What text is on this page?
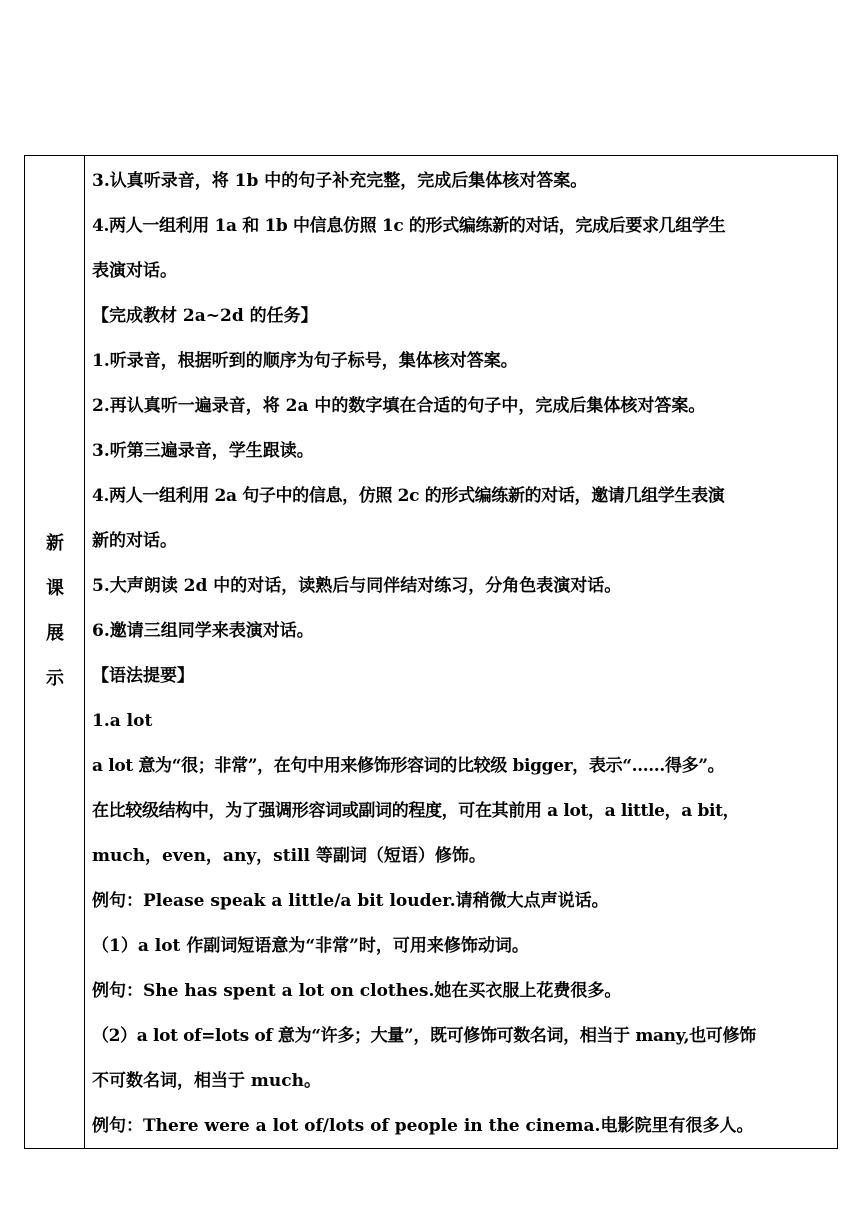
新
课
展
示
3.认真听录音，将 1b 中的句子补充完整，完成后集体核对答案。
4.两人一组利用 1a 和 1b 中信息仿照 1c 的形式编练新的对话，完成后要求几组学生
表演对话。
【完成教材 2a~2d 的任务】
1.听录音，根据听到的顺序为句子标号，集体核对答案。
2.再认真听一遍录音，将 2a 中的数字填在合适的句子中，完成后集体核对答案。
3.听第三遍录音，学生跟读。
4.两人一组利用 2a 句子中的信息，仿照 2c 的形式编练新的对话，邀请几组学生表演
新的对话。
5.大声朗读 2d 中的对话，读熟后与同伴结对练习，分角色表演对话。
6.邀请三组同学来表演对话。
【语法提要】
1.a lot
a lot 意为“很；非常”，在句中用来修饰形容词的比较级 bigger，表示“……得多”。
在比较级结构中，为了强调形容词或副词的程度，可在其前用 a lot，a little，a bit，
much，even，any，still 等副词（短语）修饰。
例句：Please speak a little/a bit louder.请稍微大点声说话。
（1）a lot 作副词短语意为“非常”时，可用来修饰动词。
例句：She has spent a lot on clothes.她在买衣服上花费很多。
（2）a lot of=lots of 意为“许多；大量”，既可修饰可数名词，相当于 many,也可修饰
不可数名词，相当于 much。
例句：There were a lot of/lots of people in the cinema.电影院里有很多人。
